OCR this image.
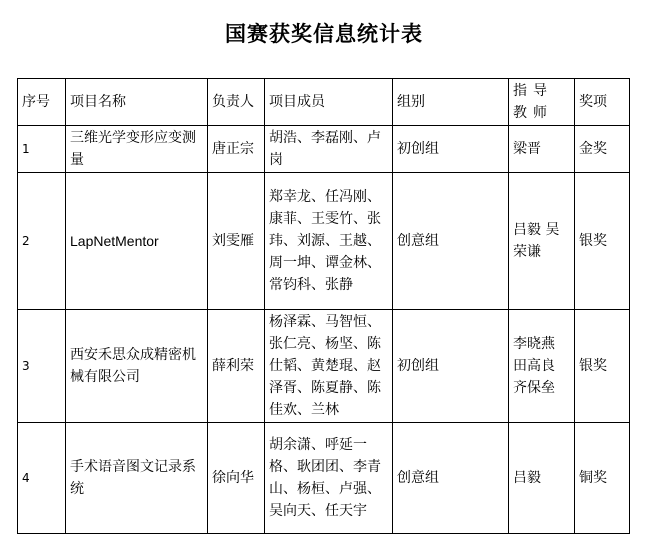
国赛获奖信息统计表
序号	项目名称	负责人	项目成员	组别	指导教师	奖项
1	三维光学变形应变测量	唐正宗	胡浩、李磊刚、卢岗	初创组	梁晋	金奖
2	LapNetMentor	刘雯雁	郑幸龙、任冯刚、康菲、王雯竹、张玮、刘源、王越、周一坤、谭金林、常钧科、张静	创意组	吕毅 吴荣谦	银奖
3	西安禾思众成精密机械有限公司	薛利荣	杨泽霖、马智恒、张仁亮、杨坚、陈仕韬、黄楚琨、赵泽胥、陈夏静、陈佳欢、兰林	初创组	李晓燕 田高良 齐保垒	银奖
4	手术语音图文记录系统	徐向华	胡余潇、呼延一格、耿团团、李青山、杨桓、卢强、吴向天、任天宇	创意组	吕毅	铜奖
